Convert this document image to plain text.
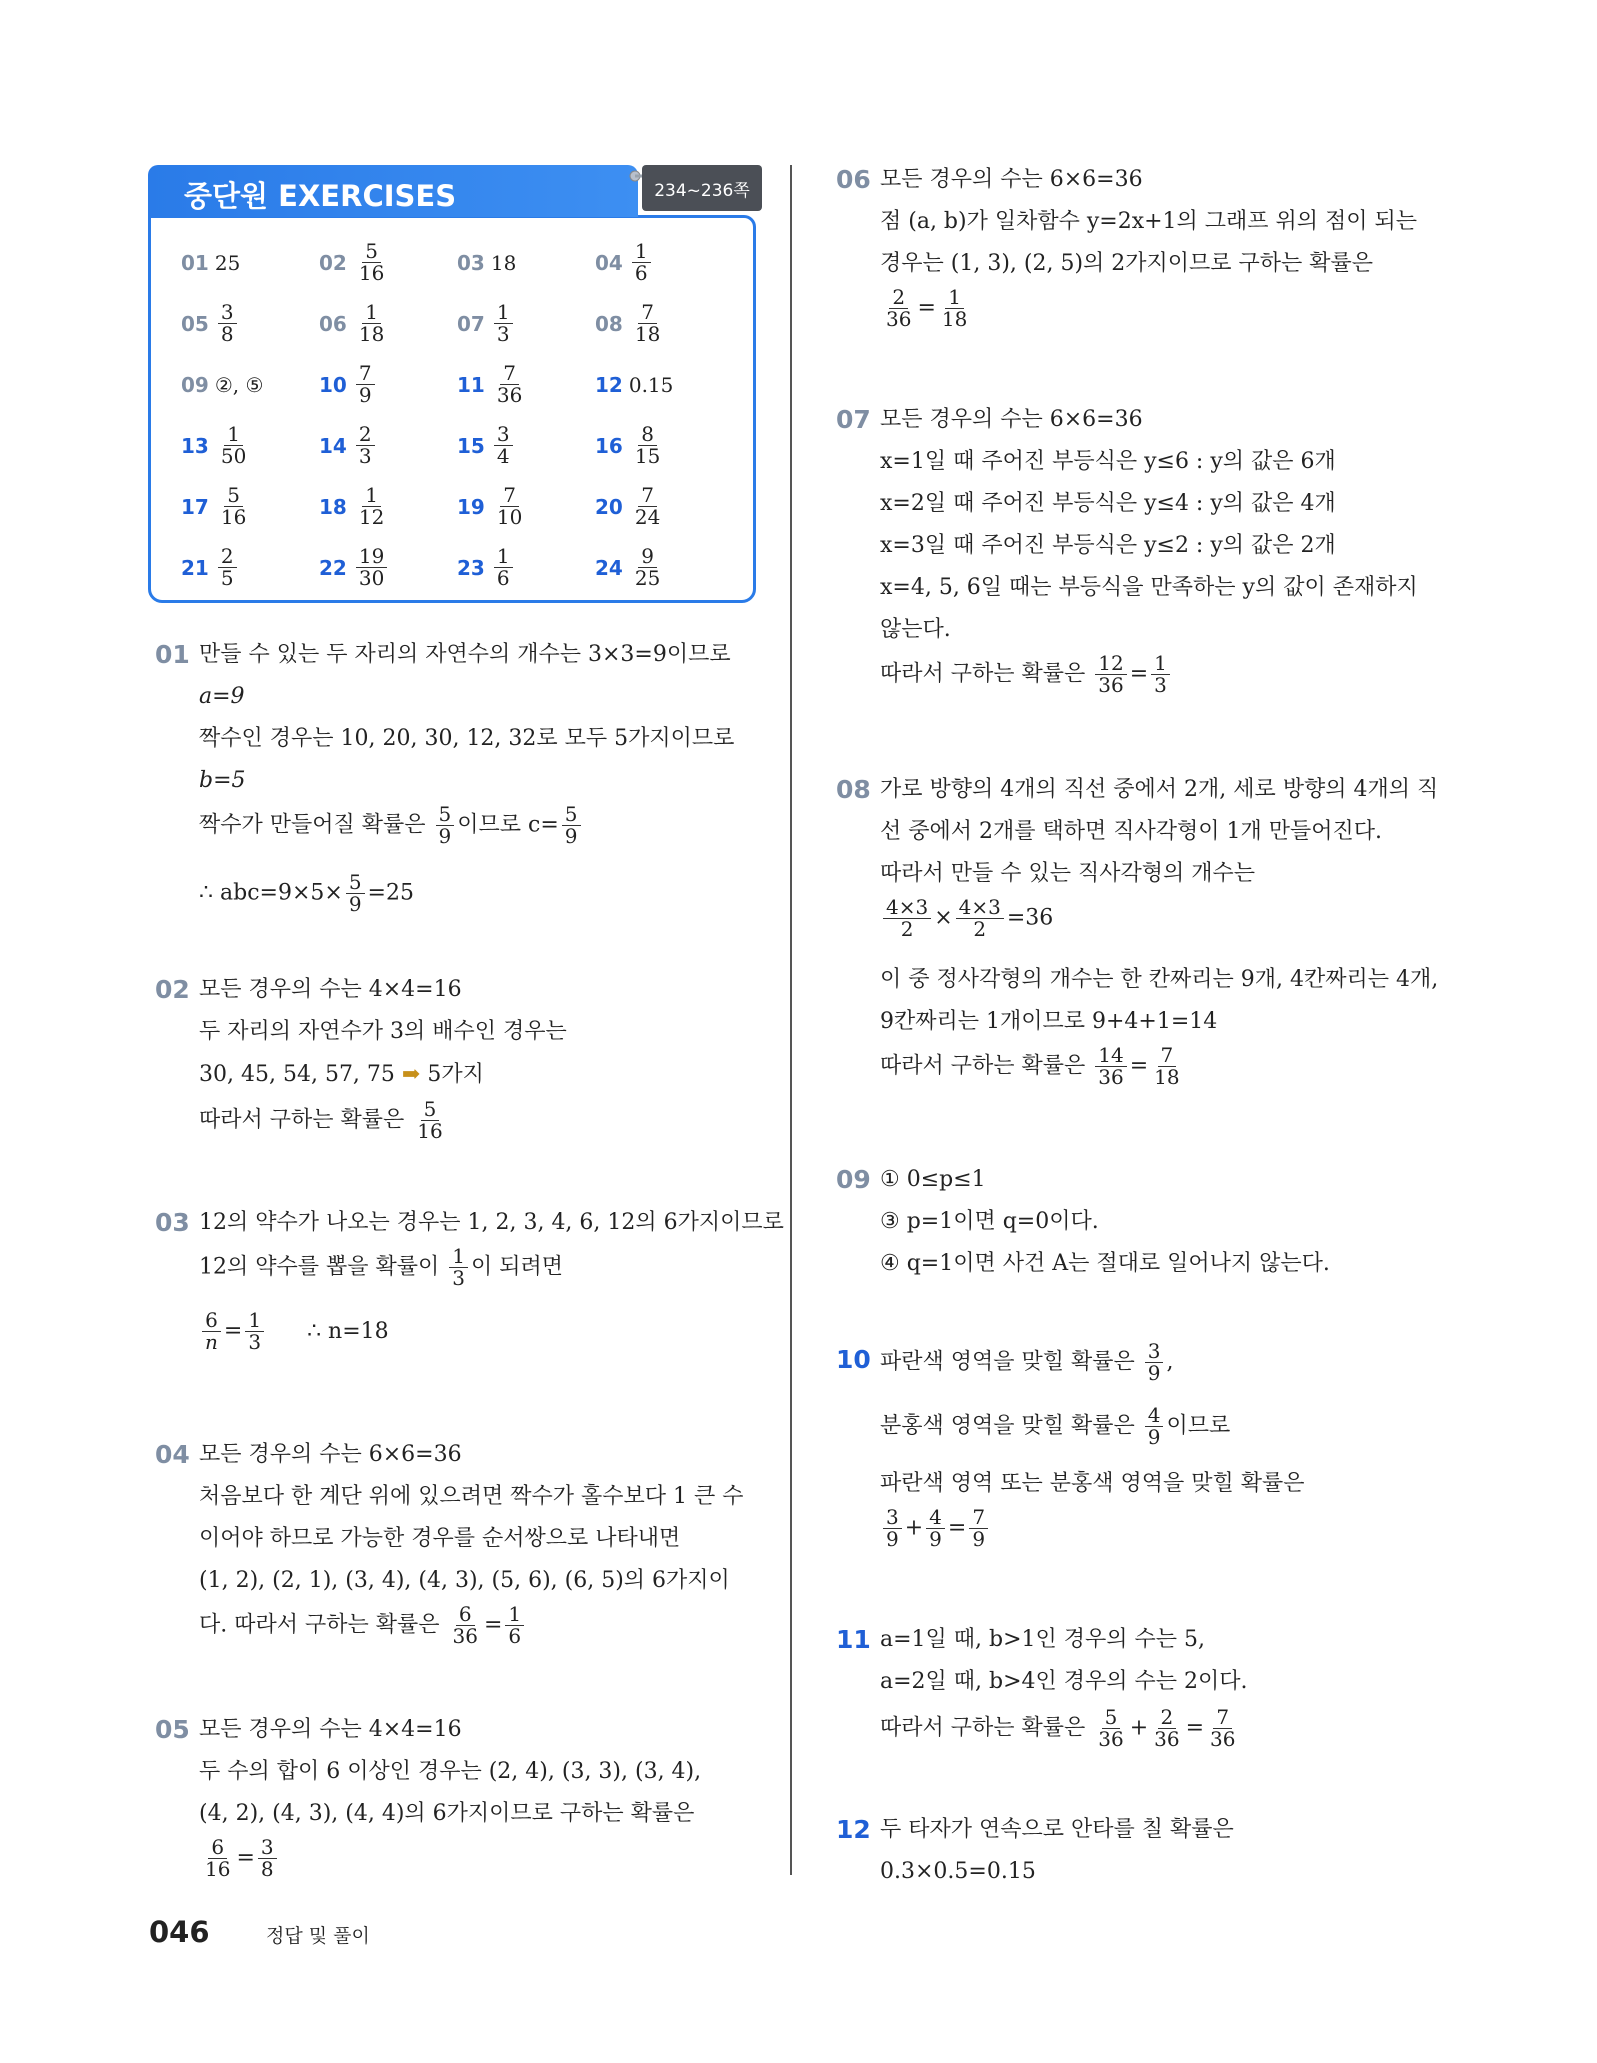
01 25	$02 \frac{5}{16}$	03 18	$04 \frac{1}{6}$
$05 \frac{3}{8}$	$06 \frac{1}{18}$	$07 \frac{1}{3}$	$08 \frac{7}{18}$
09 ②, ⑤	$10 \frac{7}{9}$	$11 \frac{7}{36}$	12 0.15
$13 \frac{1}{50}$	$14 \frac{2}{3}$	$15 \frac{3}{4}$	$16 \frac{8}{15}$
$17 \frac{5}{16}$	$18 \frac{1}{12}$	$19 \frac{7}{10}$	$20 \frac{7}{24}$
$21 \frac{2}{5}$	$22 \frac{19}{30}$	$23 \frac{1}{6}$	$24 \frac{9}{25}$
중단원 EXERCISES	234~236쪽
01 만들 수 있는 두 자리의 자연수의 개수는 3×3=9이므로
a=9
짝수인 경우는 10, 20, 30, 12, 32로 모두 5가지이므로
b=5
짝수가 만들어질 확률은 $\frac{5}{9}$ 이므로 $c= \frac{5}{9}$
∴ $abc=9\times 5\times \frac{5}{9} =25$
02 모든 경우의 수는 4×4=16
두 자리의 자연수가 3의 배수인 경우는
30, 45, 54, 57, 75 ➡ 5가지
따라서 구하는 확률은 $\frac{5}{16}$
03 12의 약수가 나오는 경우는 1, 2, 3, 4, 6, 12의 6가지이므로
12의 약수를 뽑을 확률이 $\frac{1}{3}$ 이 되려면
$\frac{6}{n} = \frac{1}{3}$ ∴ n=18
04 모든 경우의 수는 6×6=36
처음보다 한 계단 위에 있으려면 짝수가 홀수보다 1 큰 수
이어야 하므로 가능한 경우를 순서쌍으로 나타내면
(1, 2), (2, 1), (3, 4), (4, 3), (5, 6), (6, 5)의 6가지이
다. 따라서 구하는 확률은 $\frac{6}{36} = \frac{1}{6}$
05 모든 경우의 수는 4×4=16
두 수의 합이 6 이상인 경우는 (2, 4), (3, 3), (3, 4),
(4, 2), (4, 3), (4, 4)의 6가지이므로 구하는 확률은
$\frac{6}{16} = \frac{3}{8}$
06 모든 경우의 수는 6×6=36
점 (a, b)가 일차함수 y=2x+1의 그래프 위의 점이 되는
경우는 (1, 3), (2, 5)의 2가지이므로 구하는 확률은
$\frac{2}{36} = \frac{1}{18}$
07 모든 경우의 수는 6×6=36
x=1일 때 주어진 부등식은 y≤6 : y의 값은 6개
x=2일 때 주어진 부등식은 y≤4 : y의 값은 4개
x=3일 때 주어진 부등식은 y≤2 : y의 값은 2개
x=4, 5, 6일 때는 부등식을 만족하는 y의 값이 존재하지
않는다.
따라서 구하는 확률은 $\frac{12}{36} = \frac{1}{3}$
08 가로 방향의 4개의 직선 중에서 2개, 세로 방향의 4개의 직
선 중에서 2개를 택하면 직사각형이 1개 만들어진다.
따라서 만들 수 있는 직사각형의 개수는
$\frac{4\times 3}{2} \times \frac{4\times 3}{2} =36$
이 중 정사각형의 개수는 한 칸짜리는 9개, 4칸짜리는 4개,
9칸짜리는 1개이므로 9+4+1=14
따라서 구하는 확률은 $\frac{14}{36} = \frac{7}{18}$
09 ① 0≤p≤1
③ p=1이면 q=0이다.
④ q=1이면 사건 A는 절대로 일어나지 않는다.
10 파란색 영역을 맞힐 확률은 $\frac{3}{9}$ ,
분홍색 영역을 맞힐 확률은 $\frac{4}{9}$ 이므로
파란색 영역 또는 분홍색 영역을 맞힐 확률은
$\frac{3}{9} + \frac{4}{9} = \frac{7}{9}$
11 a=1일 때, b>1인 경우의 수는 5,
a=2일 때, b>4인 경우의 수는 2이다.
따라서 구하는 확률은 $\frac{5}{36} + \frac{2}{36} = \frac{7}{36}$
12 두 타자가 연속으로 안타를 칠 확률은
0.3×0.5=0.15
046	정답 및 풀이
